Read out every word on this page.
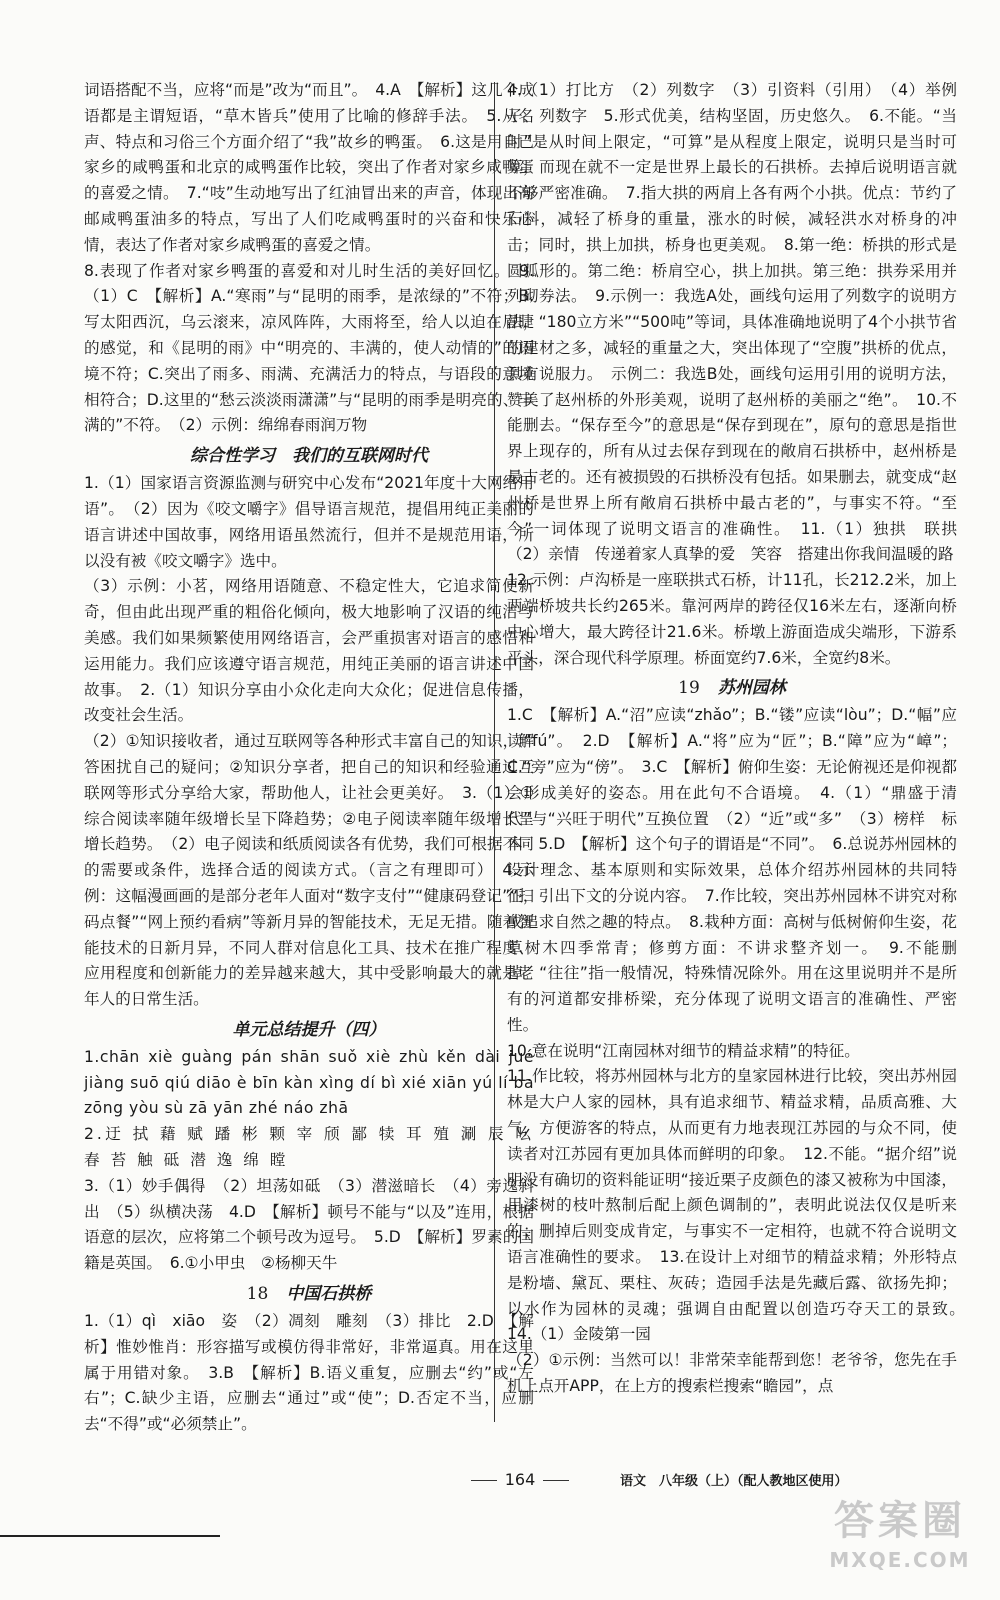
词语搭配不当，应将“而是”改为“而且”。　4.A　【解析】这几个成语都是主谓短语，“草木皆兵”使用了比喻的修辞手法。　5.从名声、特点和习俗三个方面介绍了“我”故乡的鸭蛋。　6.这是用自己家乡的咸鸭蛋和北京的咸鸭蛋作比较，突出了作者对家乡咸鸭蛋的喜爱之情。　7.“吱”生动地写出了红油冒出来的声音，体现出高邮咸鸭蛋油多的特点，写出了人们吃咸鸭蛋时的兴奋和快乐心情，表达了作者对家乡咸鸭蛋的喜爱之情。

8.表现了作者对家乡鸭蛋的喜爱和对儿时生活的美好回忆。　9.（1）C　【解析】A.“寒雨”与“昆明的雨季，是浓绿的”不符；B.写太阳西沉，乌云滚来，凉风阵阵，大雨将至，给人以迫在眉睫的感觉，和《昆明的雨》中“明亮的、丰满的，使人动情的”的语境不符；C.突出了雨多、雨满、充满活力的特点，与语段的意境相符合；D.这里的“愁云淡淡雨潇潇”与“昆明的雨季是明亮的、丰满的”不符。　（2）示例：绵绵春雨润万物

综合性学习　我们的互联网时代

1.（1）国家语言资源监测与研究中心发布“2021年度十大网络用语”。　（2）因为《咬文嚼字》倡导语言规范，提倡用纯正美丽的语言讲述中国故事，网络用语虽然流行，但并不是规范用语，所以没有被《咬文嚼字》选中。

（3）示例：小茗，网络用语随意、不稳定性大，它追求简便新奇，但由此出现严重的粗俗化倾向，极大地影响了汉语的纯洁与美感。我们如果频繁使用网络语言，会严重损害对语言的感悟和运用能力。我们应该遵守语言规范，用纯正美丽的语言讲述中国故事。　2.（1）知识分享由小众化走向大众化；促进信息传播，改变社会生活。

（2）①知识接收者，通过互联网等各种形式丰富自己的知识，解答困扰自己的疑问；②知识分享者，把自己的知识和经验通过互联网等形式分享给大家，帮助他人，让社会更美好。　3.（1）①综合阅读率随年级增长呈下降趋势；②电子阅读率随年级增长呈增长趋势。　（2）电子阅读和纸质阅读各有优势，我们可根据不同的需要或条件，选择合适的阅读方式。（言之有理即可）　4.示例：这幅漫画画的是部分老年人面对“数字支付”“健康码登记”“扫码点餐”“网上预约看病”等新月异的智能技术，无足无措。随着智能技术的日新月异，不同人群对信息化工具、技术在推广程度、应用程度和创新能力的差异越来越大，其中受影响最大的就是老年人的日常生活。

单元总结提升（四）

1.chān xiè guàng pán shān suǒ xiè zhù kěn dài jué jiàng suō qiú diāo è bīn kàn xìng dí bì xié xiān yú lí ba zōng yòu sù zā yān zhé náo zhā

2.迂 拭 藉 赋 蹯 彬 颗 宰 颀 鄙 犊 耳 殖 涮 辰 吆 春 苔 触 砥 潜 逸 绵 瞠

3.（1）妙手偶得　（2）坦荡如砥　（3）潜滋暗长　（4）旁逸斜出　（5）纵横决荡　4.D　【解析】顿号不能与“以及”连用，根据语意的层次，应将第二个顿号改为逗号。　5.D　【解析】罗素的国籍是英国。　6.①小甲虫　②杨柳天牛

18 中国石拱桥

1.（1）qì　xiāo　姿　（2）凋刻　雕刻　（3）排比　2.D　【解析】惟妙惟肖：形容描写或模仿得非常好，非常逼真。用在这里属于用错对象。　3.B　【解析】B.语义重复，应删去“约”或“左右”；C.缺少主语，应删去“通过”或“使”；D.否定不当，应删去“不得”或“必须禁止”。

4.（1）打比方　（2）列数字　（3）引资料（引用）　（4）举例子、列数字　5.形式优美，结构坚固，历史悠久。　6.不能。“当时”是从时间上限定，“可算”是从程度上限定，说明只是当时可算，而现在就不一定是世界上最长的石拱桥。去掉后说明语言就不够严密准确。　7.指大拱的两肩上各有两个小拱。优点：节约了石料，减轻了桥身的重量，涨水的时候，减轻洪水对桥身的冲击；同时，拱上加拱，桥身也更美观。　8.第一绝：桥拱的形式是圆弧形的。第二绝：桥肩空心，拱上加拱。第三绝：拱券采用并列砌券法。　9.示例一：我选A处，画线句运用了列数字的说明方法，“180立方米”“500吨”等词，具体准确地说明了4个小拱节省的建材之多，减轻的重量之大，突出体现了“空腹”拱桥的优点，具有说服力。　示例二：我选B处，画线句运用引用的说明方法，赞美了赵州桥的外形美观，说明了赵州桥的美丽之“绝”。　10.不能删去。“保存至今”的意思是“保存到现在”，原句的意思是指世界上现存的，所有从过去保存到现在的敞肩石拱桥中，赵州桥是最古老的。还有被损毁的石拱桥没有包括。如果删去，就变成“赵州桥是世界上所有敞肩石拱桥中最古老的”，与事实不符。“至今”一词体现了说明文语言的准确性。　11.（1）独拱　联拱　（2）亲情　传递着家人真挚的爱　笑容　搭建出你我间温暖的路

12.示例：卢沟桥是一座联拱式石桥，计11孔，长212.2米，加上两端桥坡共长约265米。靠河两岸的跨径仅16米左右，逐渐向桥中心增大，最大跨径计21.6米。桥墩上游面造成尖端形，下游系平头，深合现代科学原理。桥面宽约7.6米，全宽约8米。

19 苏州园林

1.C　【解析】A.“沼”应读“zhǎo”；B.“镂”应读“lòu”；D.“幅”应读“fú”。　2.D　【解析】A.“将”应为“匠”；B.“障”应为“嶂”；C.“旁”应为“傍”。　3.C　【解析】俯仰生姿：无论俯视还是仰视都会形成美好的姿态。用在此句不合语境。　4.（1）“鼎盛于清代”与“兴旺于明代”互换位置　（2）“近”或“多”　（3）榜样　标本　5.D　【解析】这个句子的谓语是“不同”。　6.总说苏州园林的设计理念、基本原则和实际效果，总体介绍苏州园林的共同特征，引出下文的分说内容。　7.作比较，突出苏州园林不讲究对称或追求自然之趣的特点。　8.栽种方面：高树与低树俯仰生姿，花草树木四季常青；修剪方面：不讲求整齐划一。　9.不能删掉。“往往”指一般情况，特殊情况除外。用在这里说明并不是所有的河道都安排桥梁，充分体现了说明文语言的准确性、严密性。

10.意在说明“江南园林对细节的精益求精”的特征。

11.作比较，将苏州园林与北方的皇家园林进行比较，突出苏州园林是大户人家的园林，具有追求细节、精益求精，品质高雅、大气，方便游客的特点，从而更有力地表现江苏园的与众不同，使读者对江苏园有更加具体而鲜明的印象。　12.不能。“据介绍”说明没有确切的资料能证明“接近栗子皮颜色的漆又被称为中国漆，用漆树的枝叶熬制后配上颜色调制的”，表明此说法仅仅是听来的；删掉后则变成肯定，与事实不一定相符，也就不符合说明文语言准确性的要求。　13.在设计上对细节的精益求精；外形特点是粉墙、黛瓦、栗柱、灰砖；造园手法是先藏后露、欲扬先抑；以水作为园林的灵魂；强调自由配置以创造巧夺天工的景致。　14.（1）金陵第一园

（2）①示例：当然可以！非常荣幸能帮到您！老爷爷，您先在手机上点开APP，在上方的搜索栏搜索“瞻园”，点

164	语文　八年级（上）（配人教地区使用）
答案圈
MXQE.COM
